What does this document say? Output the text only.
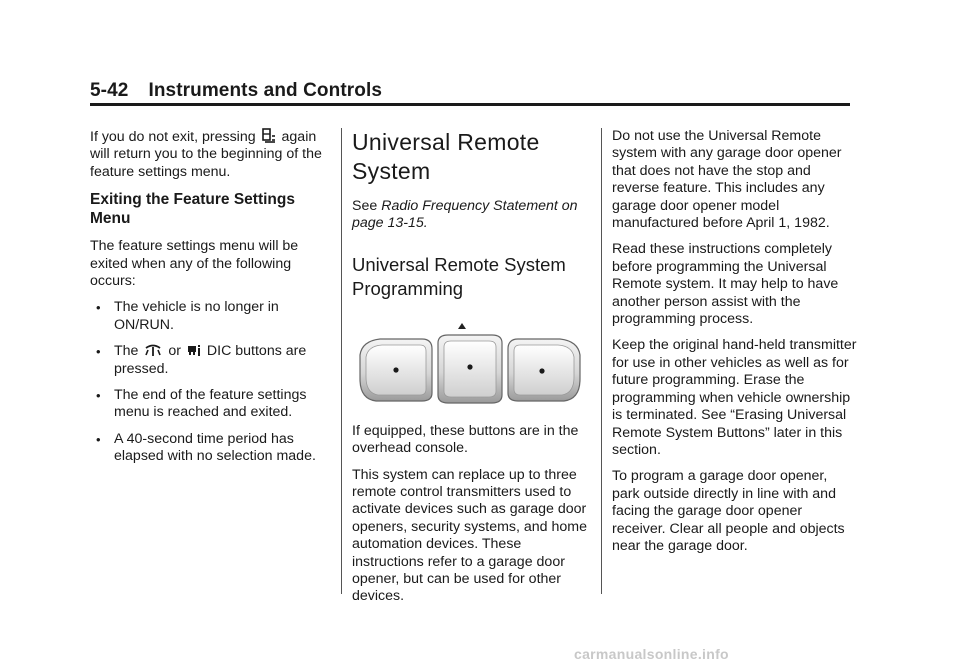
5-42 Instruments and Controls

If you do not exit, pressing again will return you to the beginning of the feature settings menu.

Exiting the Feature Settings Menu

The feature settings menu will be exited when any of the following occurs:

• The vehicle is no longer in ON/RUN.
• The or DIC buttons are pressed.
• The end of the feature settings menu is reached and exited.
• A 40-second time period has elapsed with no selection made.
Universal Remote System

See Radio Frequency Statement on page 13-15.

Universal Remote System Programming

If equipped, these buttons are in the overhead console.

This system can replace up to three remote control transmitters used to activate devices such as garage door openers, security systems, and home automation devices. These instructions refer to a garage door opener, but can be used for other devices.

Do not use the Universal Remote system with any garage door opener that does not have the stop and reverse feature. This includes any garage door opener model manufactured before April 1, 1982.

Read these instructions completely before programming the Universal Remote system. It may help to have another person assist with the programming process.

Keep the original hand-held transmitter for use in other vehicles as well as for future programming. Erase the programming when vehicle ownership is terminated. See “Erasing Universal Remote System Buttons” later in this section.

To program a garage door opener, park outside directly in line with and facing the garage door opener receiver. Clear all people and objects near the garage door.

carmanualsonline.info
